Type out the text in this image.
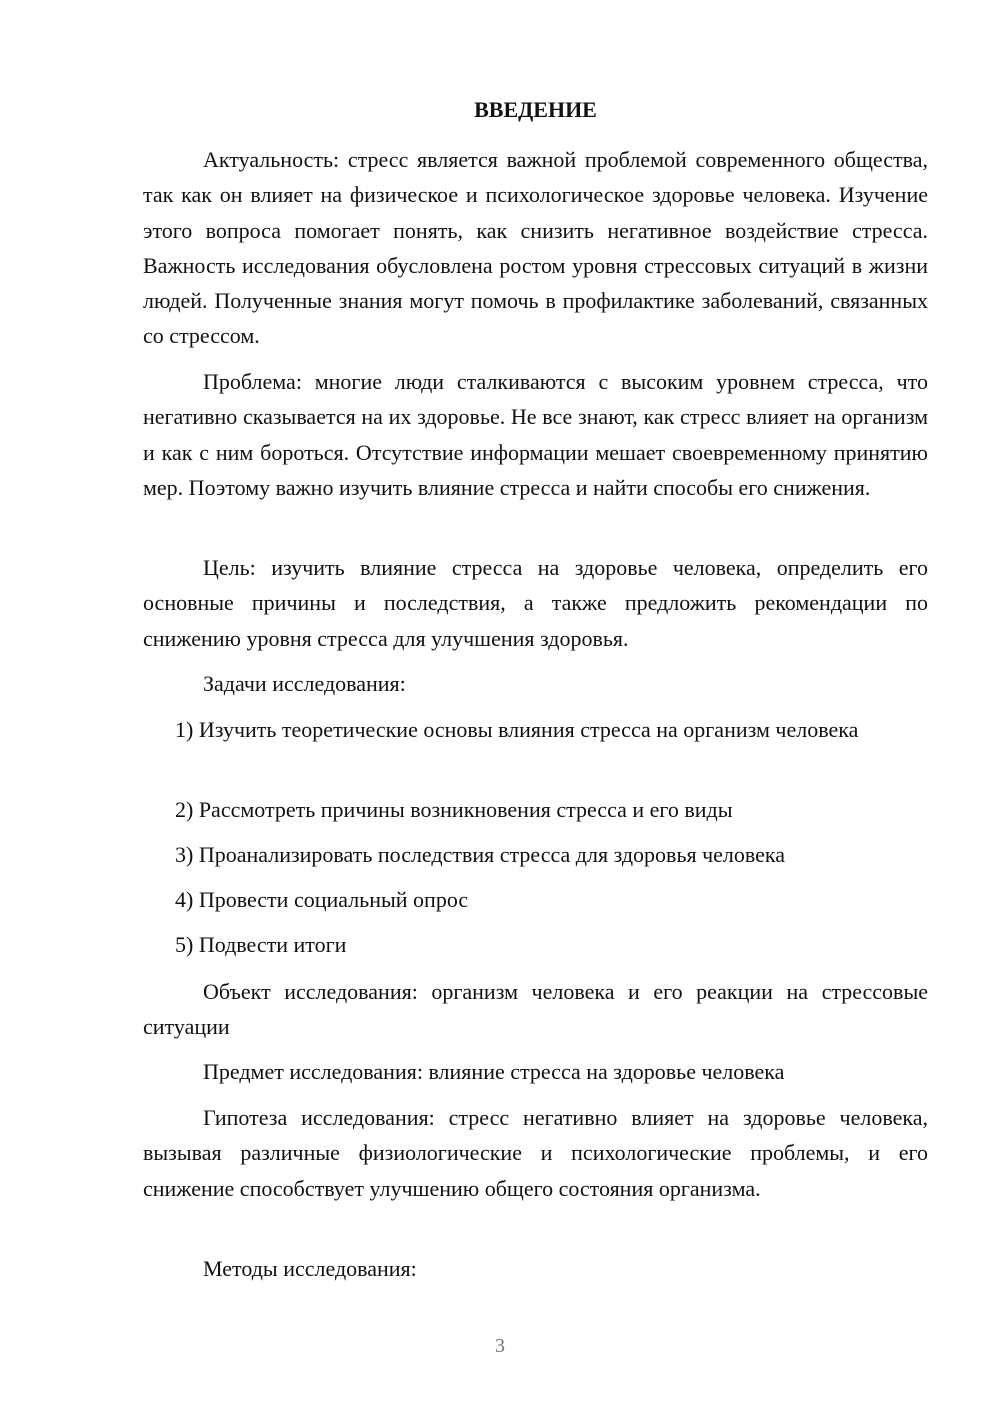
ВВЕДЕНИЕ

Актуальность: стресс является важной проблемой современного общества, так как он влияет на физическое и психологическое здоровье человека. Изучение этого вопроса помогает понять, как снизить негативное воздействие стресса. Важность исследования обусловлена ростом уровня стрессовых ситуаций в жизни людей. Полученные знания могут помочь в профилактике заболеваний, связанных со стрессом.

Проблема: многие люди сталкиваются с высоким уровнем стресса, что негативно сказывается на их здоровье. Не все знают, как стресс влияет на организм и как с ним бороться. Отсутствие информации мешает своевременному принятию мер. Поэтому важно изучить влияние стресса и найти способы его снижения.

Цель: изучить влияние стресса на здоровье человека, определить его основные причины и последствия, а также предложить рекомендации по снижению уровня стресса для улучшения здоровья.

Задачи исследования:

1) Изучить теоретические основы влияния стресса на организм человека

2) Рассмотреть причины возникновения стресса и его виды

3) Проанализировать последствия стресса для здоровья человека

4) Провести социальный опрос

5) Подвести итоги

Объект исследования: организм человека и его реакции на стрессовые ситуации

Предмет исследования: влияние стресса на здоровье человека

Гипотеза исследования: стресс негативно влияет на здоровье человека, вызывая различные физиологические и психологические проблемы, и его снижение способствует улучшению общего состояния организма.

Методы исследования:

3
